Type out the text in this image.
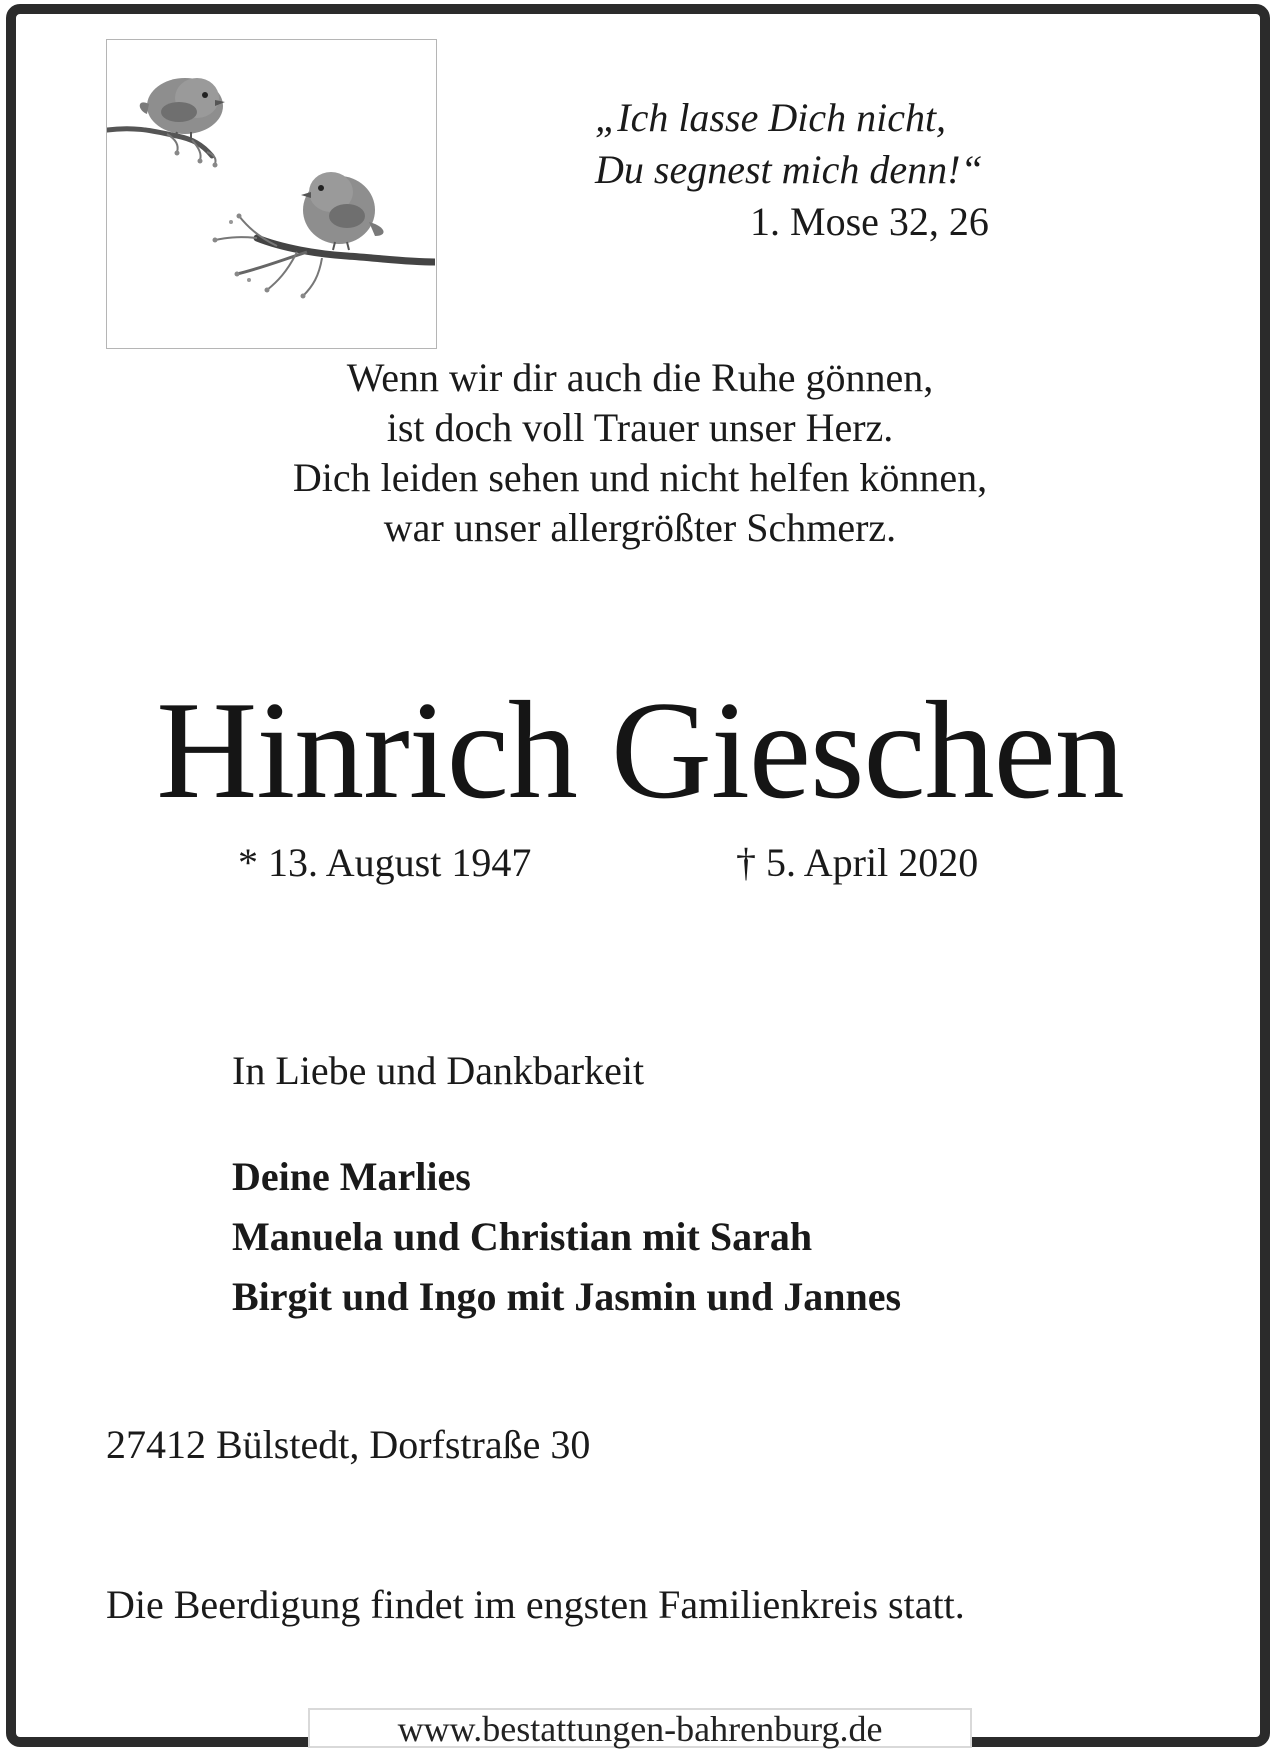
„Ich lasse Dich nicht,
Du segnest mich denn!“
1. Mose 32, 26
Wenn wir dir auch die Ruhe gönnen,
ist doch voll Trauer unser Herz.
Dich leiden sehen und nicht helfen können,
war unser allergrößter Schmerz.
Hinrich Gieschen
* 13. August 1947	† 5. April 2020
In Liebe und Dankbarkeit
Deine Marlies
Manuela und Christian mit Sarah
Birgit und Ingo mit Jasmin und Jannes
27412 Bülstedt, Dorfstraße 30
Die Beerdigung findet im engsten Familienkreis statt.
www.bestattungen-bahrenburg.de
